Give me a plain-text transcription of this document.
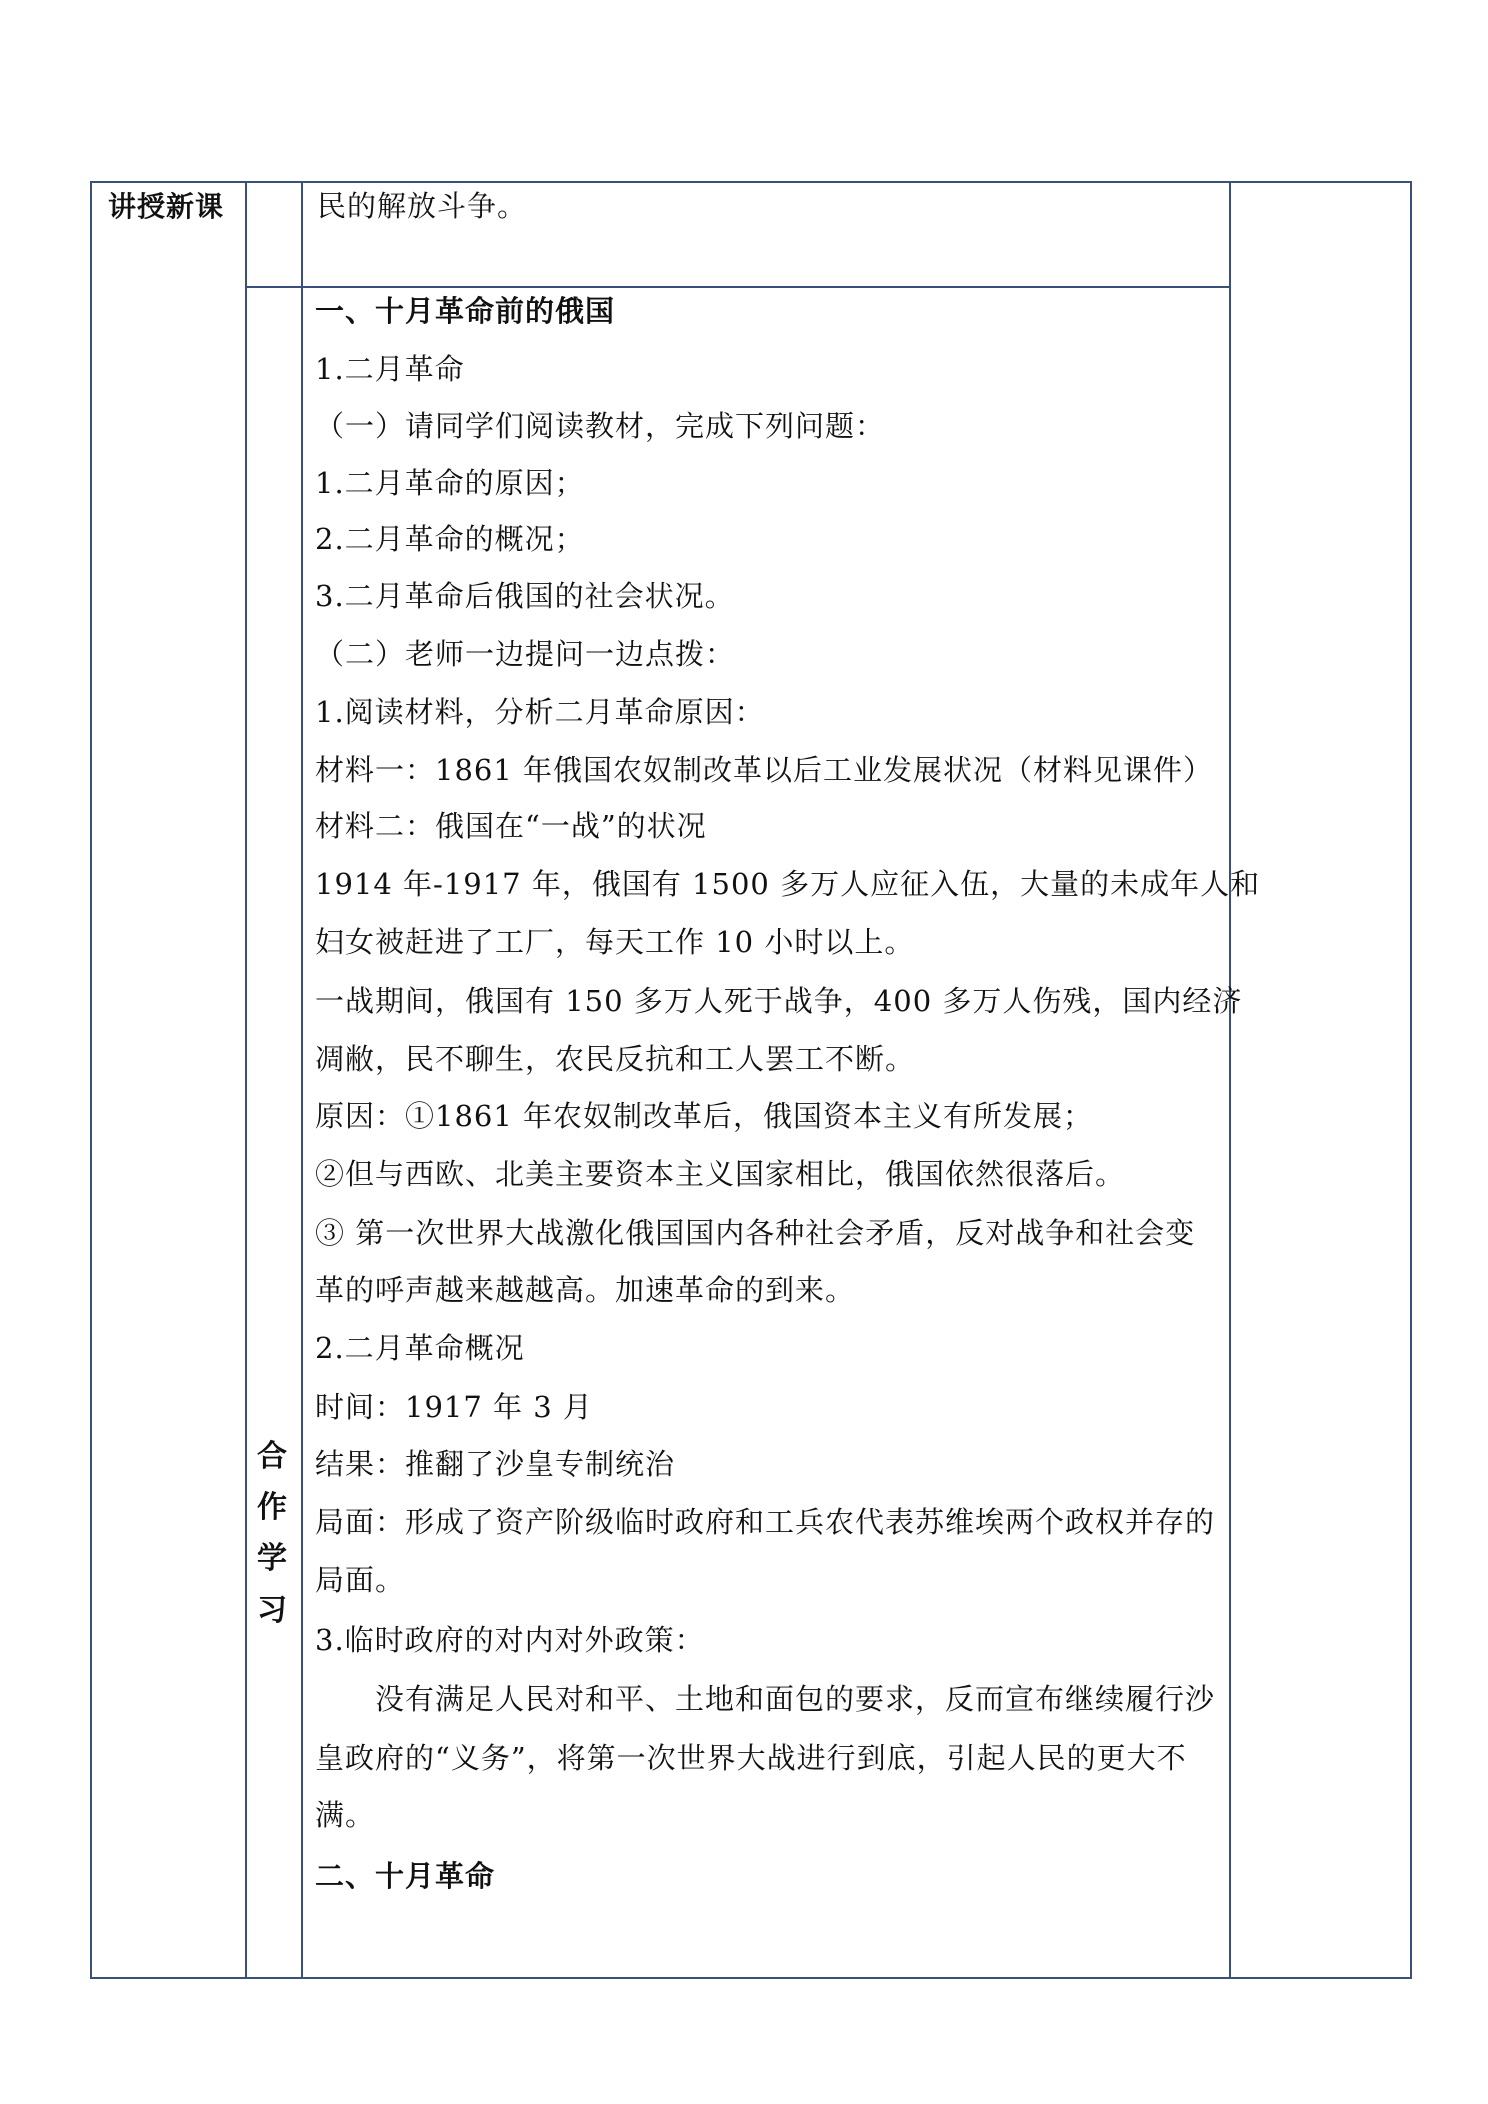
讲授新课
合
作
学
习
民的解放斗争。
一、十月革命前的俄国
1.二月革命
（一）请同学们阅读教材，完成下列问题：
1.二月革命的原因；
2.二月革命的概况；
3.二月革命后俄国的社会状况。
（二）老师一边提问一边点拨：
1.阅读材料，分析二月革命原因：
材料一：1861 年俄国农奴制改革以后工业发展状况（材料见课件）
材料二：俄国在“一战”的状况
1914 年-1917 年，俄国有 1500 多万人应征入伍，大量的未成年人和
妇女被赶进了工厂，每天工作 10 小时以上。
一战期间，俄国有 150 多万人死于战争，400 多万人伤残，国内经济
凋敝，民不聊生，农民反抗和工人罢工不断。
原因：①1861 年农奴制改革后，俄国资本主义有所发展；
②但与西欧、北美主要资本主义国家相比，俄国依然很落后。
③ 第一次世界大战激化俄国国内各种社会矛盾，反对战争和社会变
革的呼声越来越越高。加速革命的到来。
2.二月革命概况
时间：1917 年 3 月
结果：推翻了沙皇专制统治
局面：形成了资产阶级临时政府和工兵农代表苏维埃两个政权并存的
局面。
3.临时政府的对内对外政策：
　　没有满足人民对和平、土地和面包的要求，反而宣布继续履行沙
皇政府的“义务”，将第一次世界大战进行到底，引起人民的更大不
满。
二、十月革命
